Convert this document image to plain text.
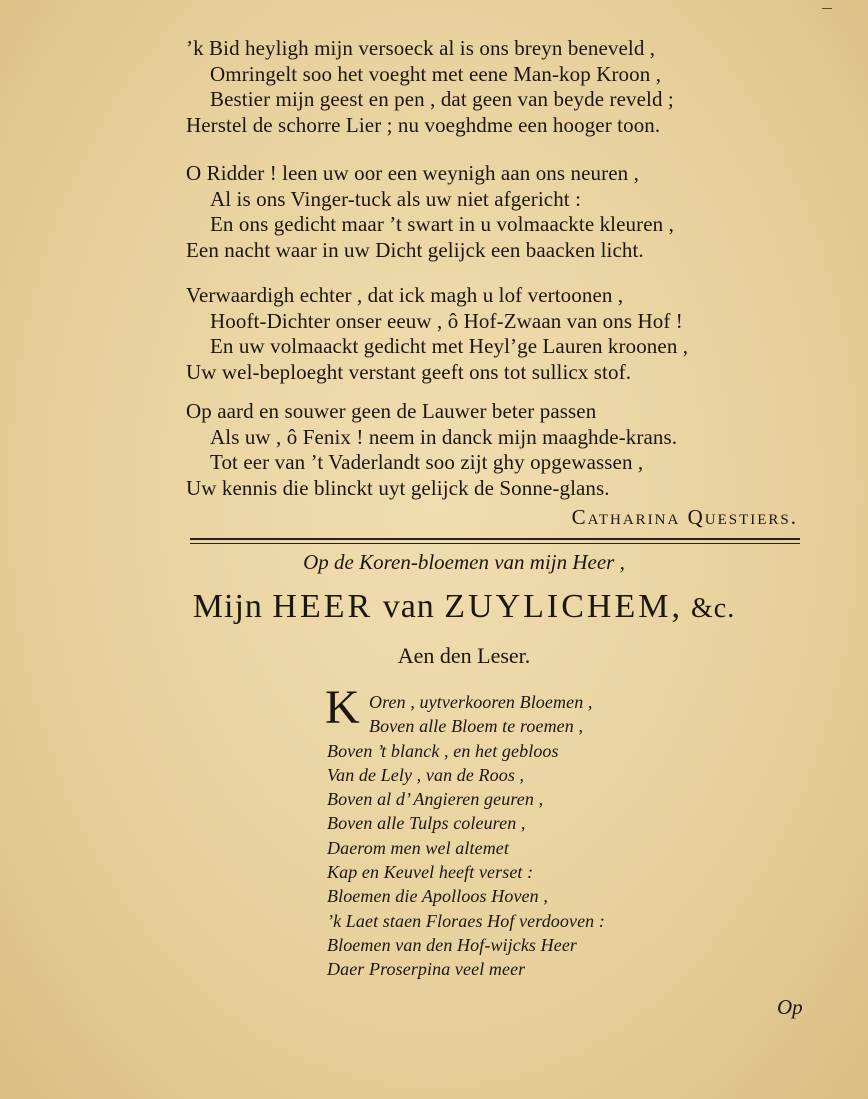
’k Bid heyligh mijn versoeck al is ons breyn beneveld ,
Omringelt soo het voeght met eene Man-kop Kroon ,
Bestier mijn geest en pen , dat geen van beyde reveld ;
Herstel de schorre Lier ; nu voeghdme een hooger toon.
O Ridder ! leen uw oor een weynigh aan ons neuren ,
Al is ons Vinger-tuck als uw niet afgericht :
En ons gedicht maar ’t swart in u volmaackte kleuren ,
Een nacht waar in uw Dicht gelijck een baacken licht.
Verwaardigh echter , dat ick magh u lof vertoonen ,
Hooft-Dichter onser eeuw , ô Hof-Zwaan van ons Hof !
En uw volmaackt gedicht met Heyl’ge Lauren kroonen ,
Uw wel-beploeght verstant geeft ons tot sullicx stof.
Op aard en souwer geen de Lauwer beter passen
Als uw , ô Fenix ! neem in danck mijn maaghde-krans.
Tot eer van ’t Vaderlandt soo zijt ghy opgewassen ,
Uw kennis die blinckt uyt gelijck de Sonne-glans.
Catharina Questiers.
Op de Koren-bloemen van mijn Heer ,
Mijn HEER van ZUYLICHEM, &c.
Aen den Leser.
K Oren , uytverkooren Bloemen ,
Boven alle Bloem te roemen ,
Boven ’t blanck , en het gebloos
Van de Lely , van de Roos ,
Boven al d’ Angieren geuren ,
Boven alle Tulps coleuren ,
Daerom men wel altemet
Kap en Keuvel heeft verset :
Bloemen die Apolloos Hoven ,
’k Laet staen Floraes Hof verdooven :
Bloemen van den Hof-wijcks Heer
Daer Proserpina veel meer
Op
